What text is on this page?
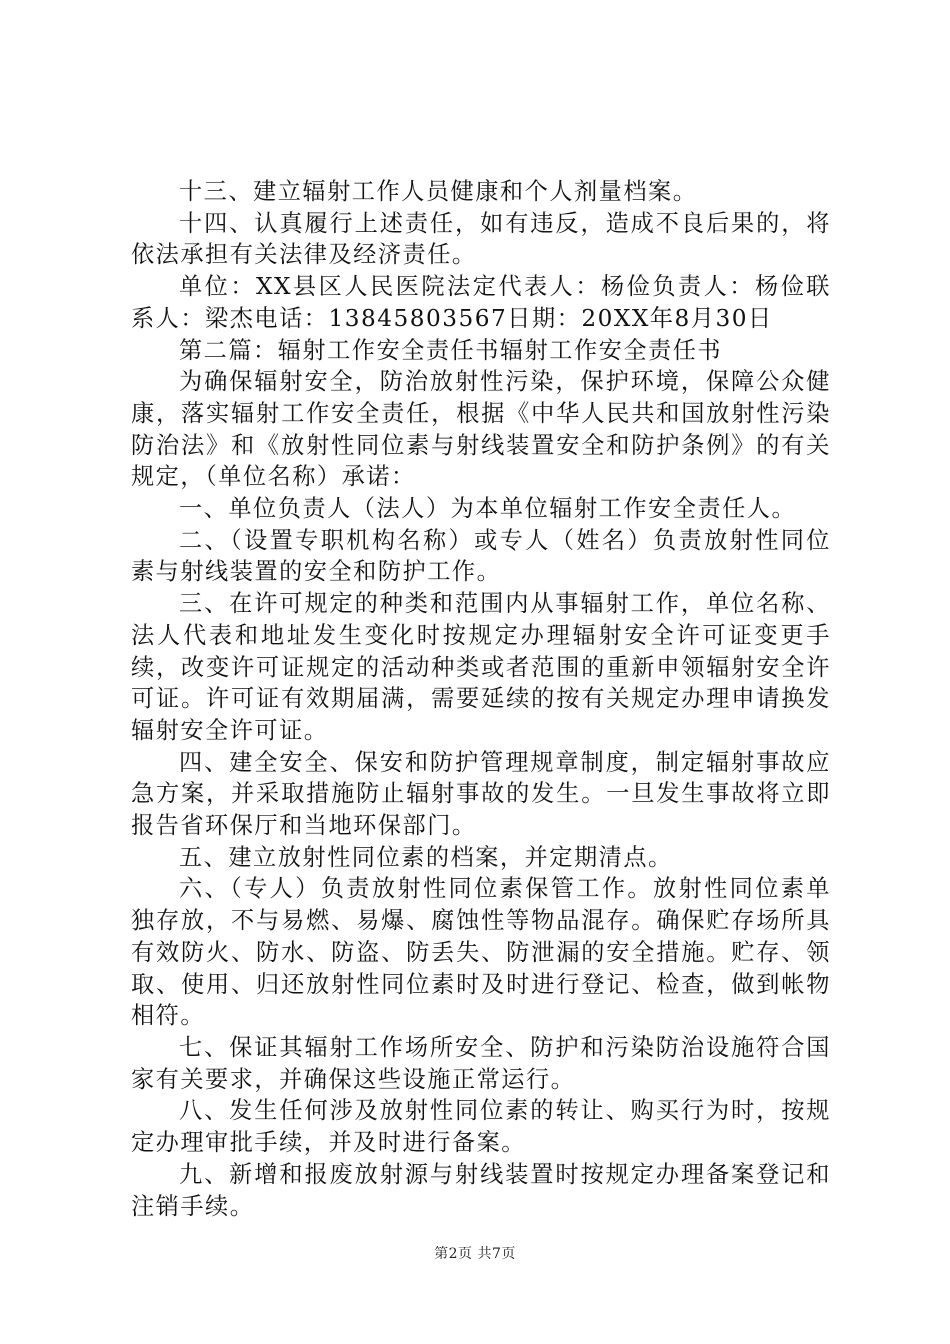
十三、建立辐射工作人员健康和个人剂量档案。

十四、认真履行上述责任，如有违反，造成不良后果的，将依法承担有关法律及经济责任。

单位：XX县区人民医院法定代表人：杨俭负责人：杨俭联系人：梁杰电话：13845803567日期：20XX年8月30日

第二篇：辐射工作安全责任书辐射工作安全责任书

为确保辐射安全，防治放射性污染，保护环境，保障公众健康，落实辐射工作安全责任，根据《中华人民共和国放射性污染防治法》和《放射性同位素与射线装置安全和防护条例》的有关规定，（单位名称）承诺：

一、单位负责人（法人）为本单位辐射工作安全责任人。

二、（设置专职机构名称）或专人（姓名）负责放射性同位素与射线装置的安全和防护工作。

三、在许可规定的种类和范围内从事辐射工作，单位名称、法人代表和地址发生变化时按规定办理辐射安全许可证变更手续，改变许可证规定的活动种类或者范围的重新申领辐射安全许可证。许可证有效期届满，需要延续的按有关规定办理申请换发辐射安全许可证。

四、建全安全、保安和防护管理规章制度，制定辐射事故应急方案，并采取措施防止辐射事故的发生。一旦发生事故将立即报告省环保厅和当地环保部门。

五、建立放射性同位素的档案，并定期清点。

六、（专人）负责放射性同位素保管工作。放射性同位素单独存放，不与易燃、易爆、腐蚀性等物品混存。确保贮存场所具有效防火、防水、防盗、防丢失、防泄漏的安全措施。贮存、领取、使用、归还放射性同位素时及时进行登记、检查，做到帐物相符。

七、保证其辐射工作场所安全、防护和污染防治设施符合国家有关要求，并确保这些设施正常运行。

八、发生任何涉及放射性同位素的转让、购买行为时，按规定办理审批手续，并及时进行备案。

九、新增和报废放射源与射线装置时按规定办理备案登记和注销手续。

第2页 共7页
